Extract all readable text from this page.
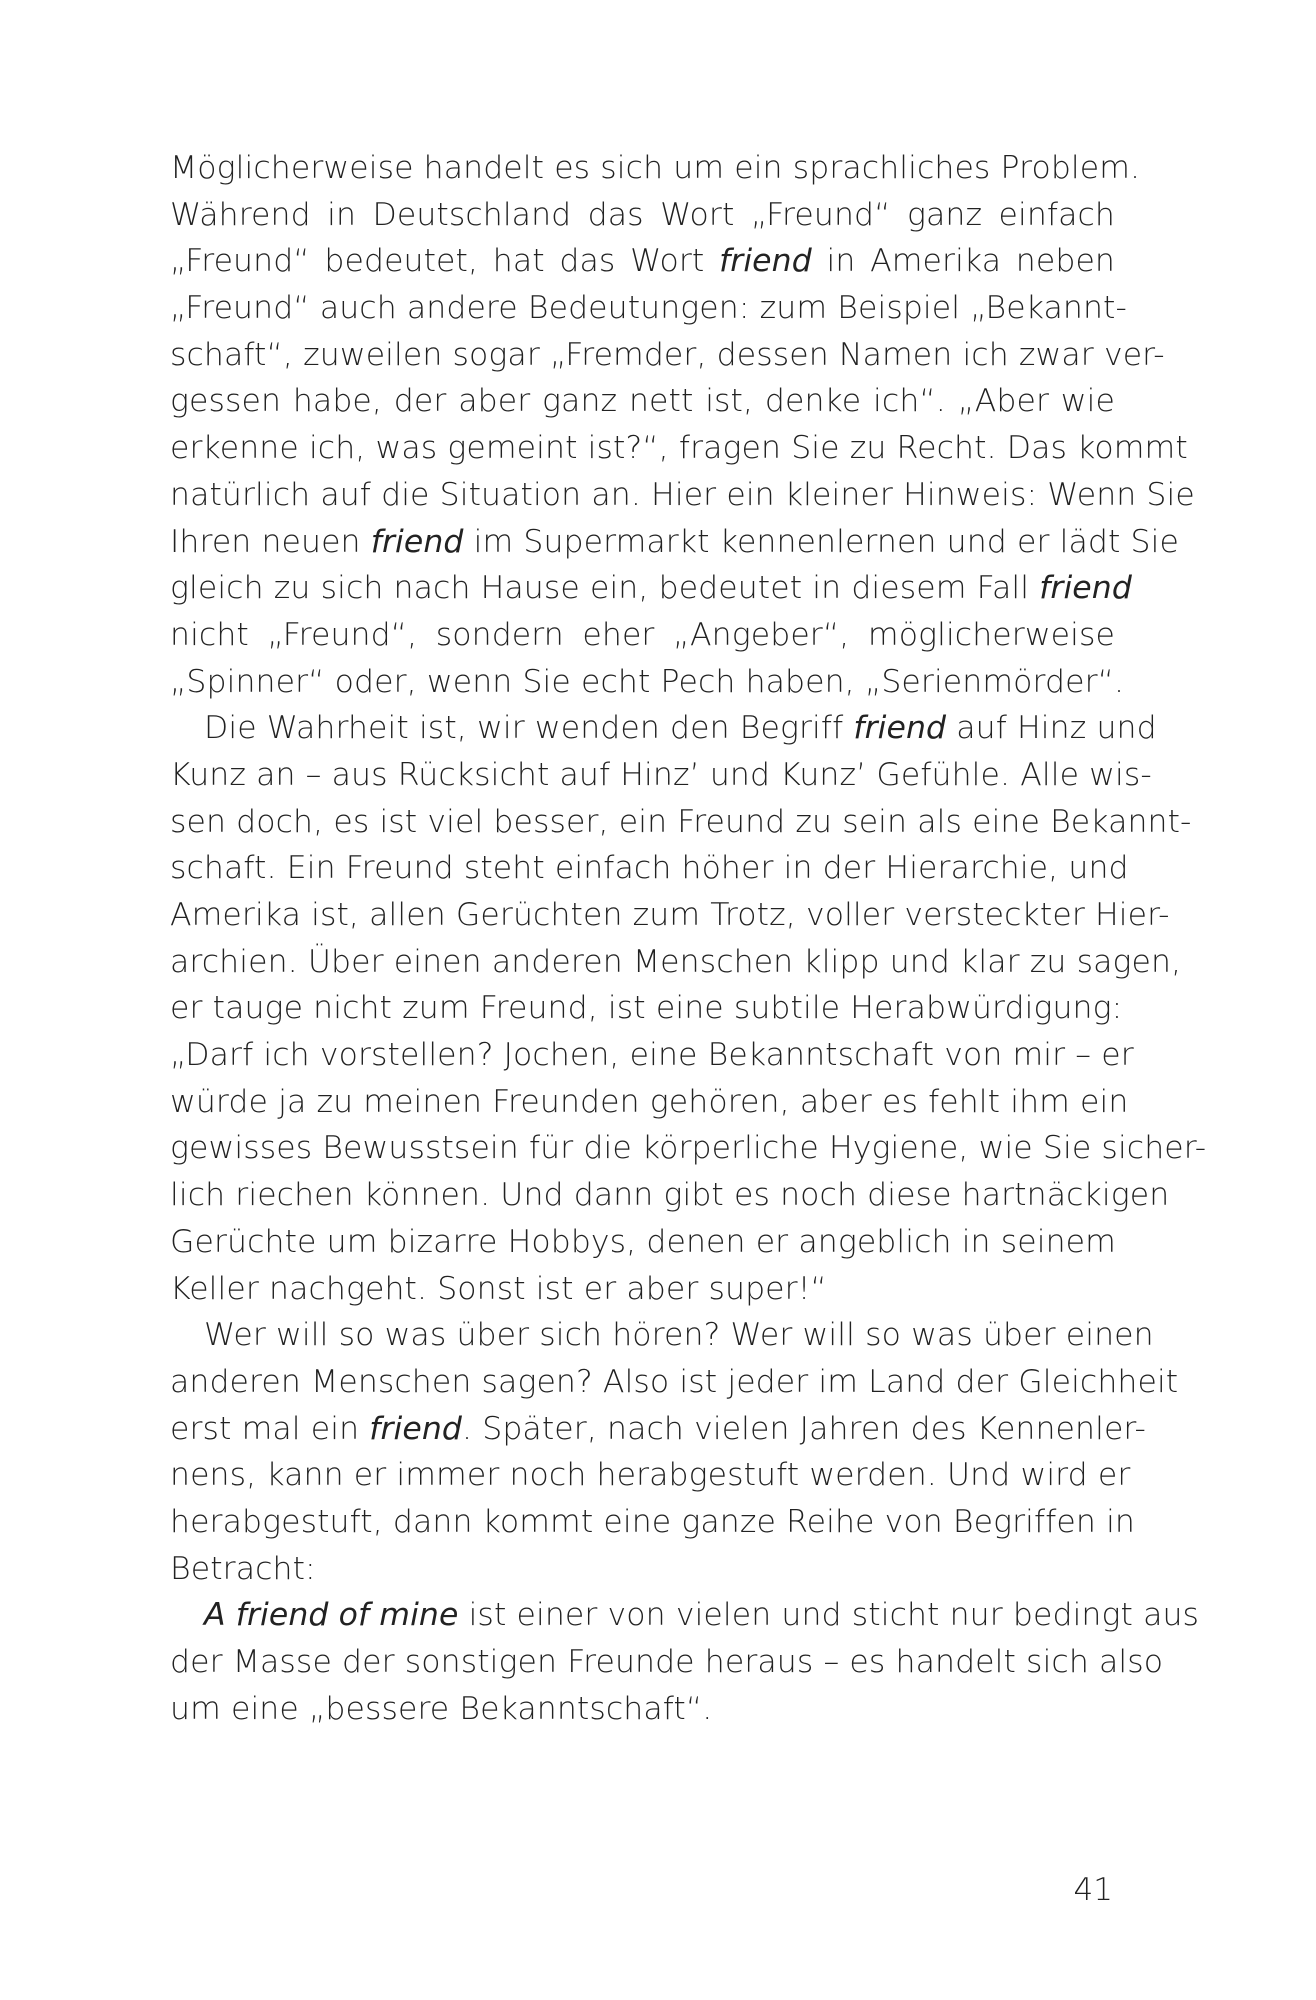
Möglicherweise handelt es sich um ein sprachliches Problem.
Während in Deutschland das Wort „Freund“ ganz einfach
„Freund“ bedeutet, hat das Wort friend in Amerika neben
„Freund“ auch andere Bedeutungen: zum Beispiel „Bekannt-
schaft“, zuweilen sogar „Fremder, dessen Namen ich zwar ver-
gessen habe, der aber ganz nett ist, denke ich“. „Aber wie
erkenne ich, was gemeint ist?“, fragen Sie zu Recht. Das kommt
natürlich auf die Situation an. Hier ein kleiner Hinweis: Wenn Sie
Ihren neuen friend im Supermarkt kennenlernen und er lädt Sie
gleich zu sich nach Hause ein, bedeutet in diesem Fall friend
nicht „Freund“, sondern eher „Angeber“, möglicherweise
„Spinner“ oder, wenn Sie echt Pech haben, „Serienmörder“.
Die Wahrheit ist, wir wenden den Begriff friend auf Hinz und
Kunz an – aus Rücksicht auf Hinz’ und Kunz’ Gefühle. Alle wis-
sen doch, es ist viel besser, ein Freund zu sein als eine Bekannt-
schaft. Ein Freund steht einfach höher in der Hierarchie, und
Amerika ist, allen Gerüchten zum Trotz, voller versteckter Hier-
archien. Über einen anderen Menschen klipp und klar zu sagen,
er tauge nicht zum Freund, ist eine subtile Herabwürdigung:
„Darf ich vorstellen? Jochen, eine Bekanntschaft von mir – er
würde ja zu meinen Freunden gehören, aber es fehlt ihm ein
gewisses Bewusstsein für die körperliche Hygiene, wie Sie sicher-
lich riechen können. Und dann gibt es noch diese hartnäckigen
Gerüchte um bizarre Hobbys, denen er angeblich in seinem
Keller nachgeht. Sonst ist er aber super!“
Wer will so was über sich hören? Wer will so was über einen
anderen Menschen sagen? Also ist jeder im Land der Gleichheit
erst mal ein friend. Später, nach vielen Jahren des Kennenler-
nens, kann er immer noch herabgestuft werden. Und wird er
herabgestuft, dann kommt eine ganze Reihe von Begriffen in
Betracht:
A friend of mine ist einer von vielen und sticht nur bedingt aus
der Masse der sonstigen Freunde heraus – es handelt sich also
um eine „bessere Bekanntschaft“.
41
